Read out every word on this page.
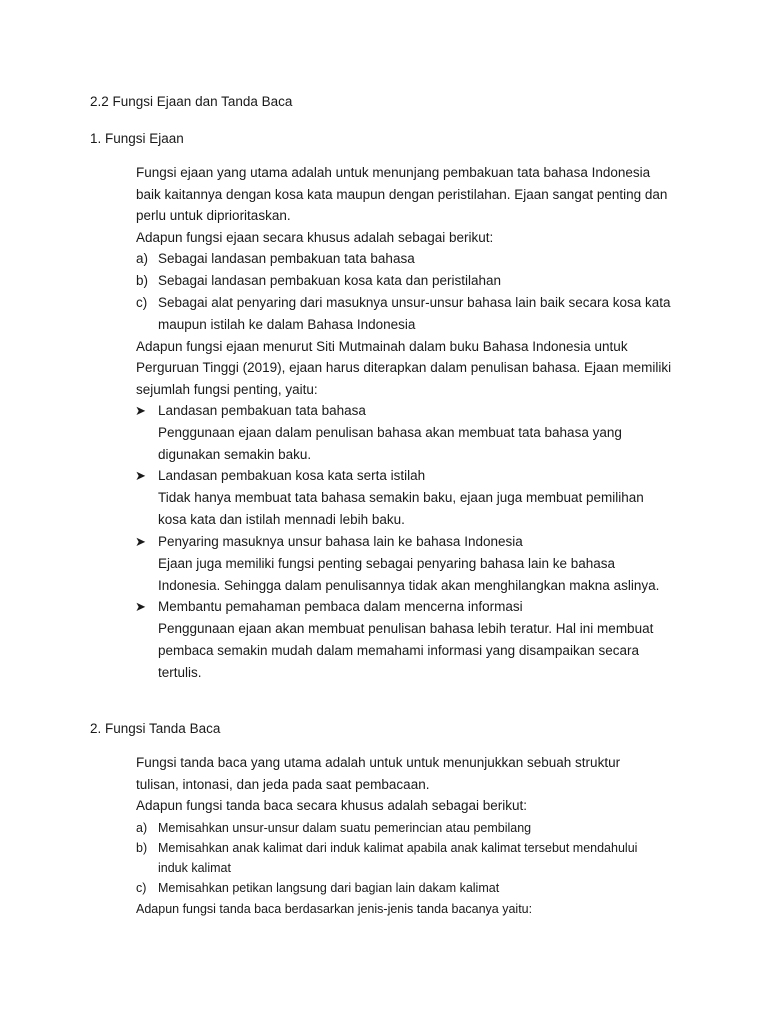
2.2 Fungsi Ejaan dan Tanda Baca
1. Fungsi Ejaan
Fungsi ejaan yang utama adalah untuk menunjang pembakuan tata bahasa Indonesia
baik kaitannya dengan kosa kata maupun dengan peristilahan. Ejaan sangat penting dan
perlu untuk diprioritaskan.
Adapun fungsi ejaan secara khusus adalah sebagai berikut:
a) Sebagai landasan pembakuan tata bahasa
b) Sebagai landasan pembakuan kosa kata dan peristilahan
c) Sebagai alat penyaring dari masuknya unsur-unsur bahasa lain baik secara kosa kata
maupun istilah ke dalam Bahasa Indonesia
Adapun fungsi ejaan menurut Siti Mutmainah dalam buku Bahasa Indonesia untuk
Perguruan Tinggi (2019), ejaan harus diterapkan dalam penulisan bahasa. Ejaan memiliki
sejumlah fungsi penting, yaitu:
➤ Landasan pembakuan tata bahasa
Penggunaan ejaan dalam penulisan bahasa akan membuat tata bahasa yang
digunakan semakin baku.
➤ Landasan pembakuan kosa kata serta istilah
Tidak hanya membuat tata bahasa semakin baku, ejaan juga membuat pemilihan
kosa kata dan istilah mennadi lebih baku.
➤ Penyaring masuknya unsur bahasa lain ke bahasa Indonesia
Ejaan juga memiliki fungsi penting sebagai penyaring bahasa lain ke bahasa
Indonesia. Sehingga dalam penulisannya tidak akan menghilangkan makna aslinya.
➤ Membantu pemahaman pembaca dalam mencerna informasi
Penggunaan ejaan akan membuat penulisan bahasa lebih teratur. Hal ini membuat
pembaca semakin mudah dalam memahami informasi yang disampaikan secara
tertulis.
2. Fungsi Tanda Baca
Fungsi tanda baca yang utama adalah untuk untuk menunjukkan sebuah struktur
tulisan, intonasi, dan jeda pada saat pembacaan.
Adapun fungsi tanda baca secara khusus adalah sebagai berikut:
a) Memisahkan unsur-unsur dalam suatu pemerincian atau pembilang
b) Memisahkan anak kalimat dari induk kalimat apabila anak kalimat tersebut mendahului
induk kalimat
c) Memisahkan petikan langsung dari bagian lain dakam kalimat
Adapun fungsi tanda baca berdasarkan jenis-jenis tanda bacanya yaitu:
